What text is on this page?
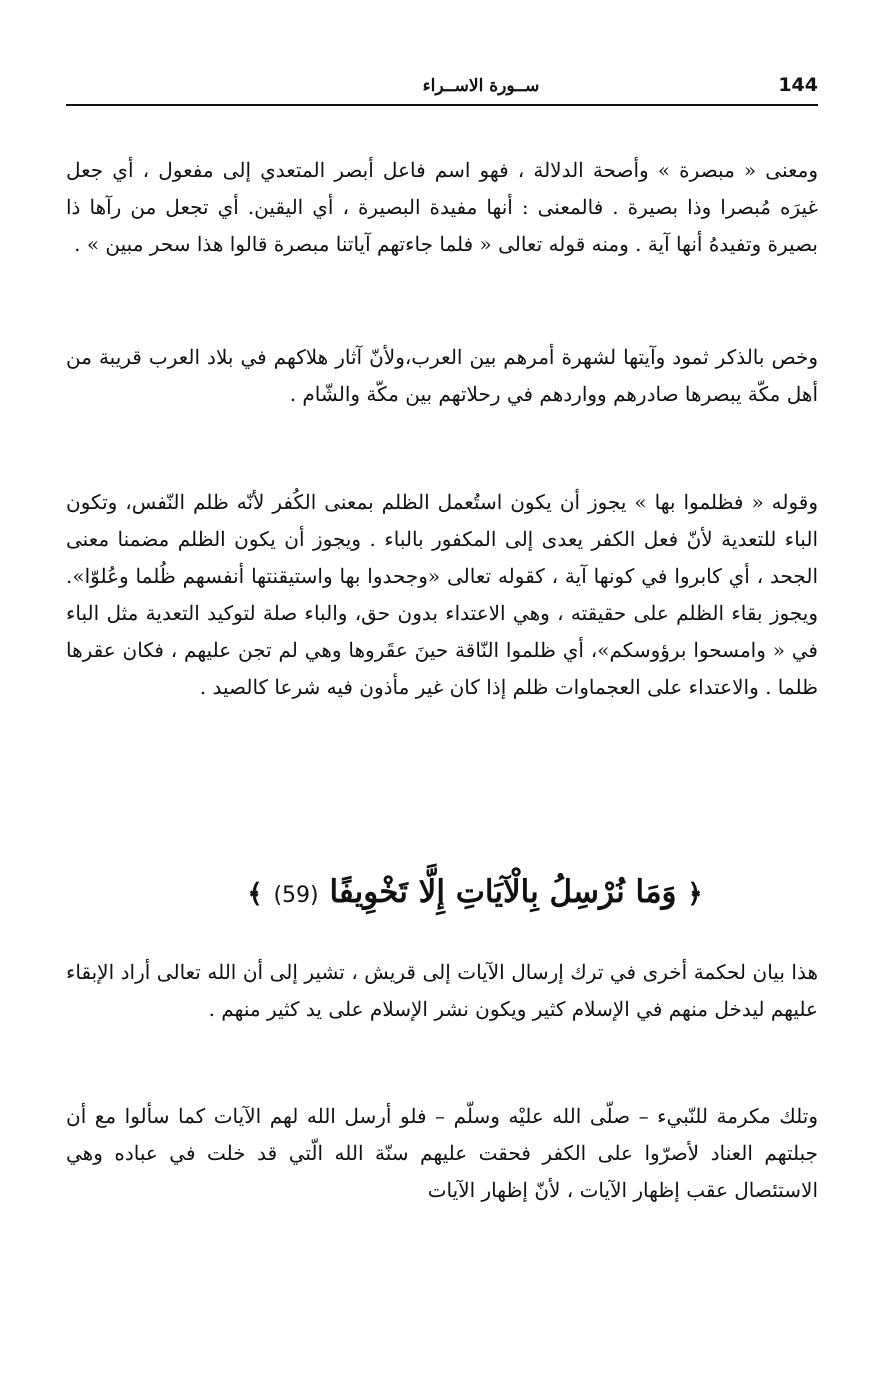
144
ســورة الاســراء

ومعنى « مبصرة » وأصحة الدلالة ، فهو اسم فاعل أبصر المتعدي إلى مفعول ، أي جعل غيرَه مُبصرا وذا بصيرة . فالمعنى : أنها مفيدة البصيرة ، أي اليقين. أي تجعل من رآها ذا بصيرة وتفيدهُ أنها آية . ومنه قوله تعالى « فلما جاءتهم آياتنا مبصرة قالوا هذا سحر مبين » .

وخص بالذكر ثمود وآيتها لشهرة أمرهم بين العرب،ولأنّ آثار هلاكهم في بلاد العرب قريبة من أهل مكّة يبصرها صادرهم وواردهم في رحلاتهم بين مكّة والشّام .

وقوله « فظلموا بها » يجوز أن يكون استُعمل الظلم بمعنى الكُفر لأنّه ظلم النّفس، وتكون الباء للتعدية لأنّ فعل الكفر يعدى إلى المكفور بالباء . ويجوز أن يكون الظلم مضمنا معنى الجحد ، أي كابروا في كونها آية ، كقوله تعالى «وجحدوا بها واستيقنتها أنفسهم ظُلما وعُلوّا». ويجوز بقاء الظلم على حقيقته ، وهي الاعتداء بدون حق، والباء صلة لتوكيد التعدية مثل الباء في « وامسحوا برؤوسكم»، أي ظلموا النّاقة حينَ عقَروها وهي لم تجن عليهم ، فكان عقرها ظلما . والاعتداء على العجماوات ظلم إذا كان غير مأذون فيه شرعا كالصيد .

﴿ وَمَا نُرْسِلُ بِالْآيَاتِ إِلَّا تَخْوِيفًا (59) ﴾

هذا بيان لحكمة أخرى في ترك إرسال الآيات إلى قريش ، تشير إلى أن الله تعالى أراد الإبقاء عليهم ليدخل منهم في الإسلام كثير ويكون نشر الإسلام على يد كثير منهم .

وتلك مكرمة للنّبيء – صلّى الله عليْه وسلّم – فلو أرسل الله لهم الآيات كما سألوا مع أن جبلتهم العناد لأصرّوا على الكفر فحقت عليهم سنّة الله الّتي قد خلت في عباده وهي الاستئصال عقب إظهار الآيات ، لأنّ إظهار الآيات
